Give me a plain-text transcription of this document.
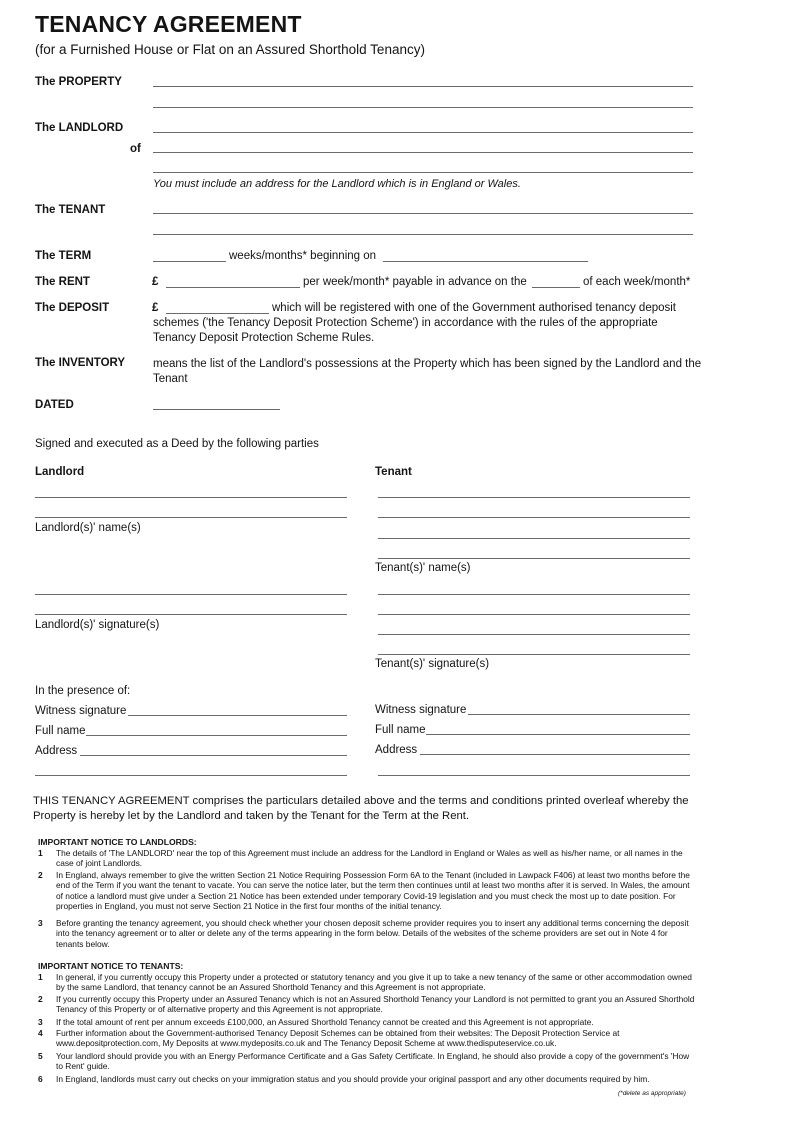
TENANCY AGREEMENT
(for a Furnished House or Flat on an Assured Shorthold Tenancy)
The PROPERTY
The LANDLORD
of
You must include an address for the Landlord which is in England or Wales.
The TENANT
The TERM	weeks/months* beginning on
The RENT	£	per week/month* payable in advance on the	of each week/month*
The DEPOSIT	£	which will be registered with one of the Government authorised tenancy deposit
schemes ('the Tenancy Deposit Protection Scheme') in accordance with the rules of the appropriate
Tenancy Deposit Protection Scheme Rules.
The INVENTORY means the list of the Landlord's possessions at the Property which has been signed by the Landlord and the Tenant
DATED
Signed and executed as a Deed by the following parties
Landlord	Tenant
Landlord(s)' name(s)
Tenant(s)' name(s)
Landlord(s)' signature(s)
Tenant(s)' signature(s)
In the presence of:
Witness signature
Full name
Address
Witness signature
Full name
Address
THIS TENANCY AGREEMENT comprises the particulars detailed above and the terms and conditions printed overleaf whereby the Property is hereby let by the Landlord and taken by the Tenant for the Term at the Rent.
IMPORTANT NOTICE TO LANDLORDS:
1 The details of 'The LANDLORD' near the top of this Agreement must include an address for the Landlord in England or Wales as well as his/her name, or all names in the case of joint Landlords.
2 In England, always remember to give the written Section 21 Notice Requiring Possession Form 6A to the Tenant (included in Lawpack F406) at least two months before the end of the Term if you want the tenant to vacate. You can serve the notice later, but the term then continues until at least two months after it is served. In Wales, the amount of notice a landlord must give under a Section 21 Notice has been extended under temporary Covid-19 legislation and you must check the most up to date position. For properties in England, you must not serve Section 21 Notice in the first four months of the initial tenancy.
3 Before granting the tenancy agreement, you should check whether your chosen deposit scheme provider requires you to insert any additional terms concerning the deposit into the tenancy agreement or to alter or delete any of the terms appearing in the form below. Details of the websites of the scheme providers are set out in Note 4 for tenants below.
IMPORTANT NOTICE TO TENANTS:
1 In general, if you currently occupy this Property under a protected or statutory tenancy and you give it up to take a new tenancy of the same or other accommodation owned by the same Landlord, that tenancy cannot be an Assured Shorthold Tenancy and this Agreement is not appropriate.
2 If you currently occupy this Property under an Assured Tenancy which is not an Assured Shorthold Tenancy your Landlord is not permitted to grant you an Assured Shorthold Tenancy of this Property or of alternative property and this Agreement is not appropriate.
3 If the total amount of rent per annum exceeds £100,000, an Assured Shorthold Tenancy cannot be created and this Agreement is not appropriate.
4 Further information about the Government-authorised Tenancy Deposit Schemes can be obtained from their websites: The Deposit Protection Service at www.depositprotection.com, My Deposits at www.mydeposits.co.uk and The Tenancy Deposit Scheme at www.thedisputeservice.co.uk.
5 Your landlord should provide you with an Energy Performance Certificate and a Gas Safety Certificate. In England, he should also provide a copy of the government's 'How to Rent' guide.
6 In England, landlords must carry out checks on your immigration status and you should provide your original passport and any other documents required by him.
(*delete as appropriate)
